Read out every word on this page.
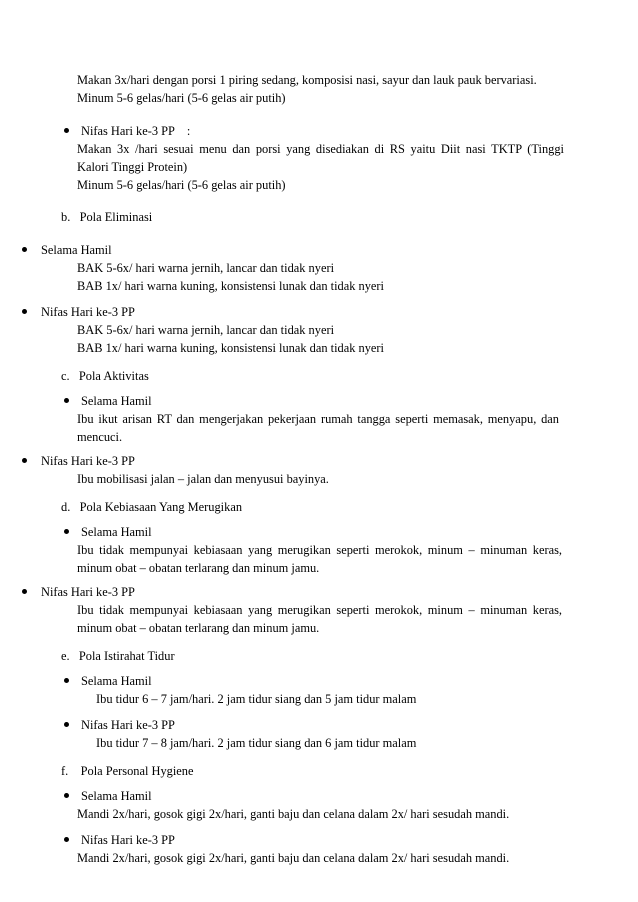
Makan 3x/hari dengan porsi 1 piring sedang, komposisi nasi, sayur dan lauk pauk bervariasi.
Minum 5-6 gelas/hari (5-6 gelas air putih)
Nifas Hari ke-3 PP    :
Makan 3x /hari sesuai menu dan porsi yang disediakan di RS yaitu Diit nasi TKTP (Tinggi
Kalori Tinggi Protein)
Minum 5-6 gelas/hari (5-6 gelas air putih)
b.   Pola Eliminasi
Selama Hamil
BAK 5-6x/ hari warna jernih, lancar dan tidak nyeri
BAB 1x/ hari warna kuning, konsistensi lunak dan tidak nyeri
Nifas Hari ke-3 PP
BAK 5-6x/ hari warna jernih, lancar dan tidak nyeri
BAB 1x/ hari warna kuning, konsistensi lunak dan tidak nyeri
c.   Pola Aktivitas
Selama Hamil
Ibu ikut arisan RT dan mengerjakan pekerjaan rumah tangga seperti memasak, menyapu, dan
mencuci.
Nifas Hari ke-3 PP
Ibu mobilisasi jalan – jalan dan menyusui bayinya.
d.   Pola Kebiasaan Yang Merugikan
Selama Hamil
Ibu tidak mempunyai kebiasaan yang merugikan seperti merokok, minum – minuman keras,
minum obat – obatan terlarang dan minum jamu.
Nifas Hari ke-3 PP
Ibu tidak mempunyai kebiasaan yang merugikan seperti merokok, minum – minuman keras,
minum obat – obatan terlarang dan minum jamu.
e.   Pola Istirahat Tidur
Selama Hamil
Ibu tidur 6 – 7 jam/hari. 2 jam tidur siang dan 5 jam tidur malam
Nifas Hari ke-3 PP
Ibu tidur 7 – 8 jam/hari. 2 jam tidur siang dan 6 jam tidur malam
f.    Pola Personal Hygiene
Selama Hamil
Mandi 2x/hari, gosok gigi 2x/hari, ganti baju dan celana dalam 2x/ hari sesudah mandi.
Nifas Hari ke-3 PP
Mandi 2x/hari, gosok gigi 2x/hari, ganti baju dan celana dalam 2x/ hari sesudah mandi.
